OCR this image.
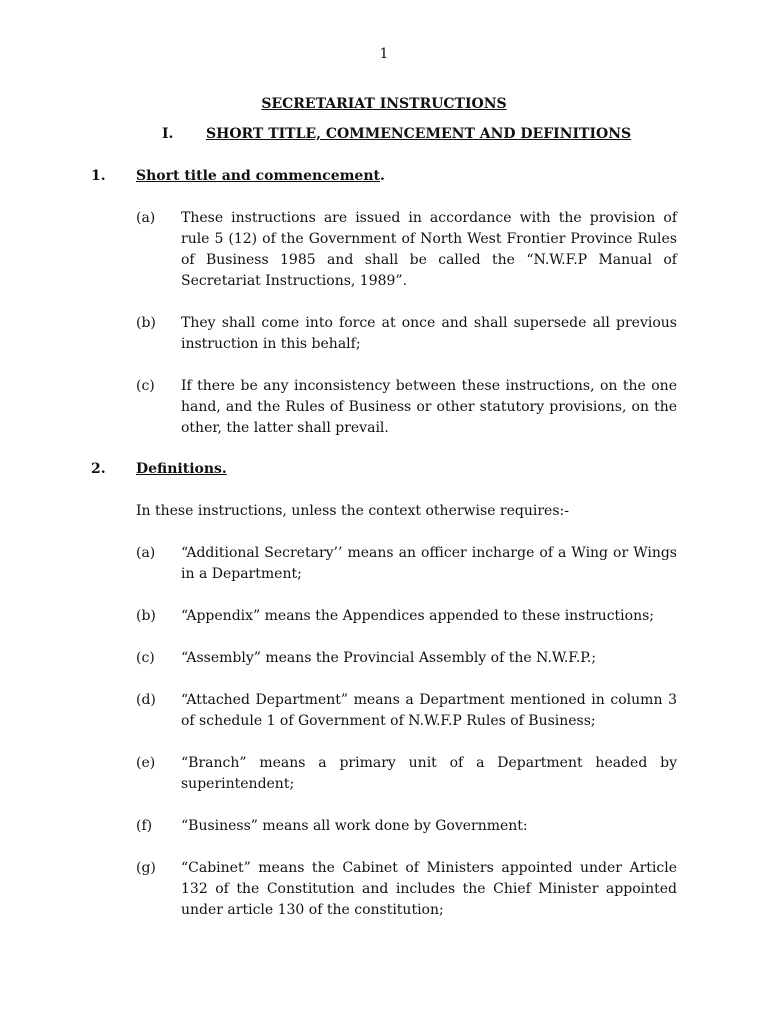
1
SECRETARIAT INSTRUCTIONS
I. SHORT TITLE, COMMENCEMENT AND DEFINITIONS
1. Short title and commencement.
(a) These instructions are issued in accordance with the provision of rule 5 (12) of the Government of North West Frontier Province Rules of Business 1985 and shall be called the “N.W.F.P Manual of Secretariat Instructions, 1989”.
(b) They shall come into force at once and shall supersede all previous instruction in this behalf;
(c) If there be any inconsistency between these instructions, on the one hand, and the Rules of Business or other statutory provisions, on the other, the latter shall prevail.
2. Definitions.
In these instructions, unless the context otherwise requires:-
(a) “Additional Secretary’’ means an officer incharge of a Wing or Wings in a Department;
(b) “Appendix” means the Appendices appended to these instructions;
(c) “Assembly” means the Provincial Assembly of the N.W.F.P.;
(d) “Attached Department” means a Department mentioned in column 3 of schedule 1 of Government of N.W.F.P Rules of Business;
(e) “Branch” means a primary unit of a Department headed by superintendent;
(f) “Business” means all work done by Government:
(g) “Cabinet” means the Cabinet of Ministers appointed under Article 132 of the Constitution and includes the Chief Minister appointed under article 130 of the constitution;
